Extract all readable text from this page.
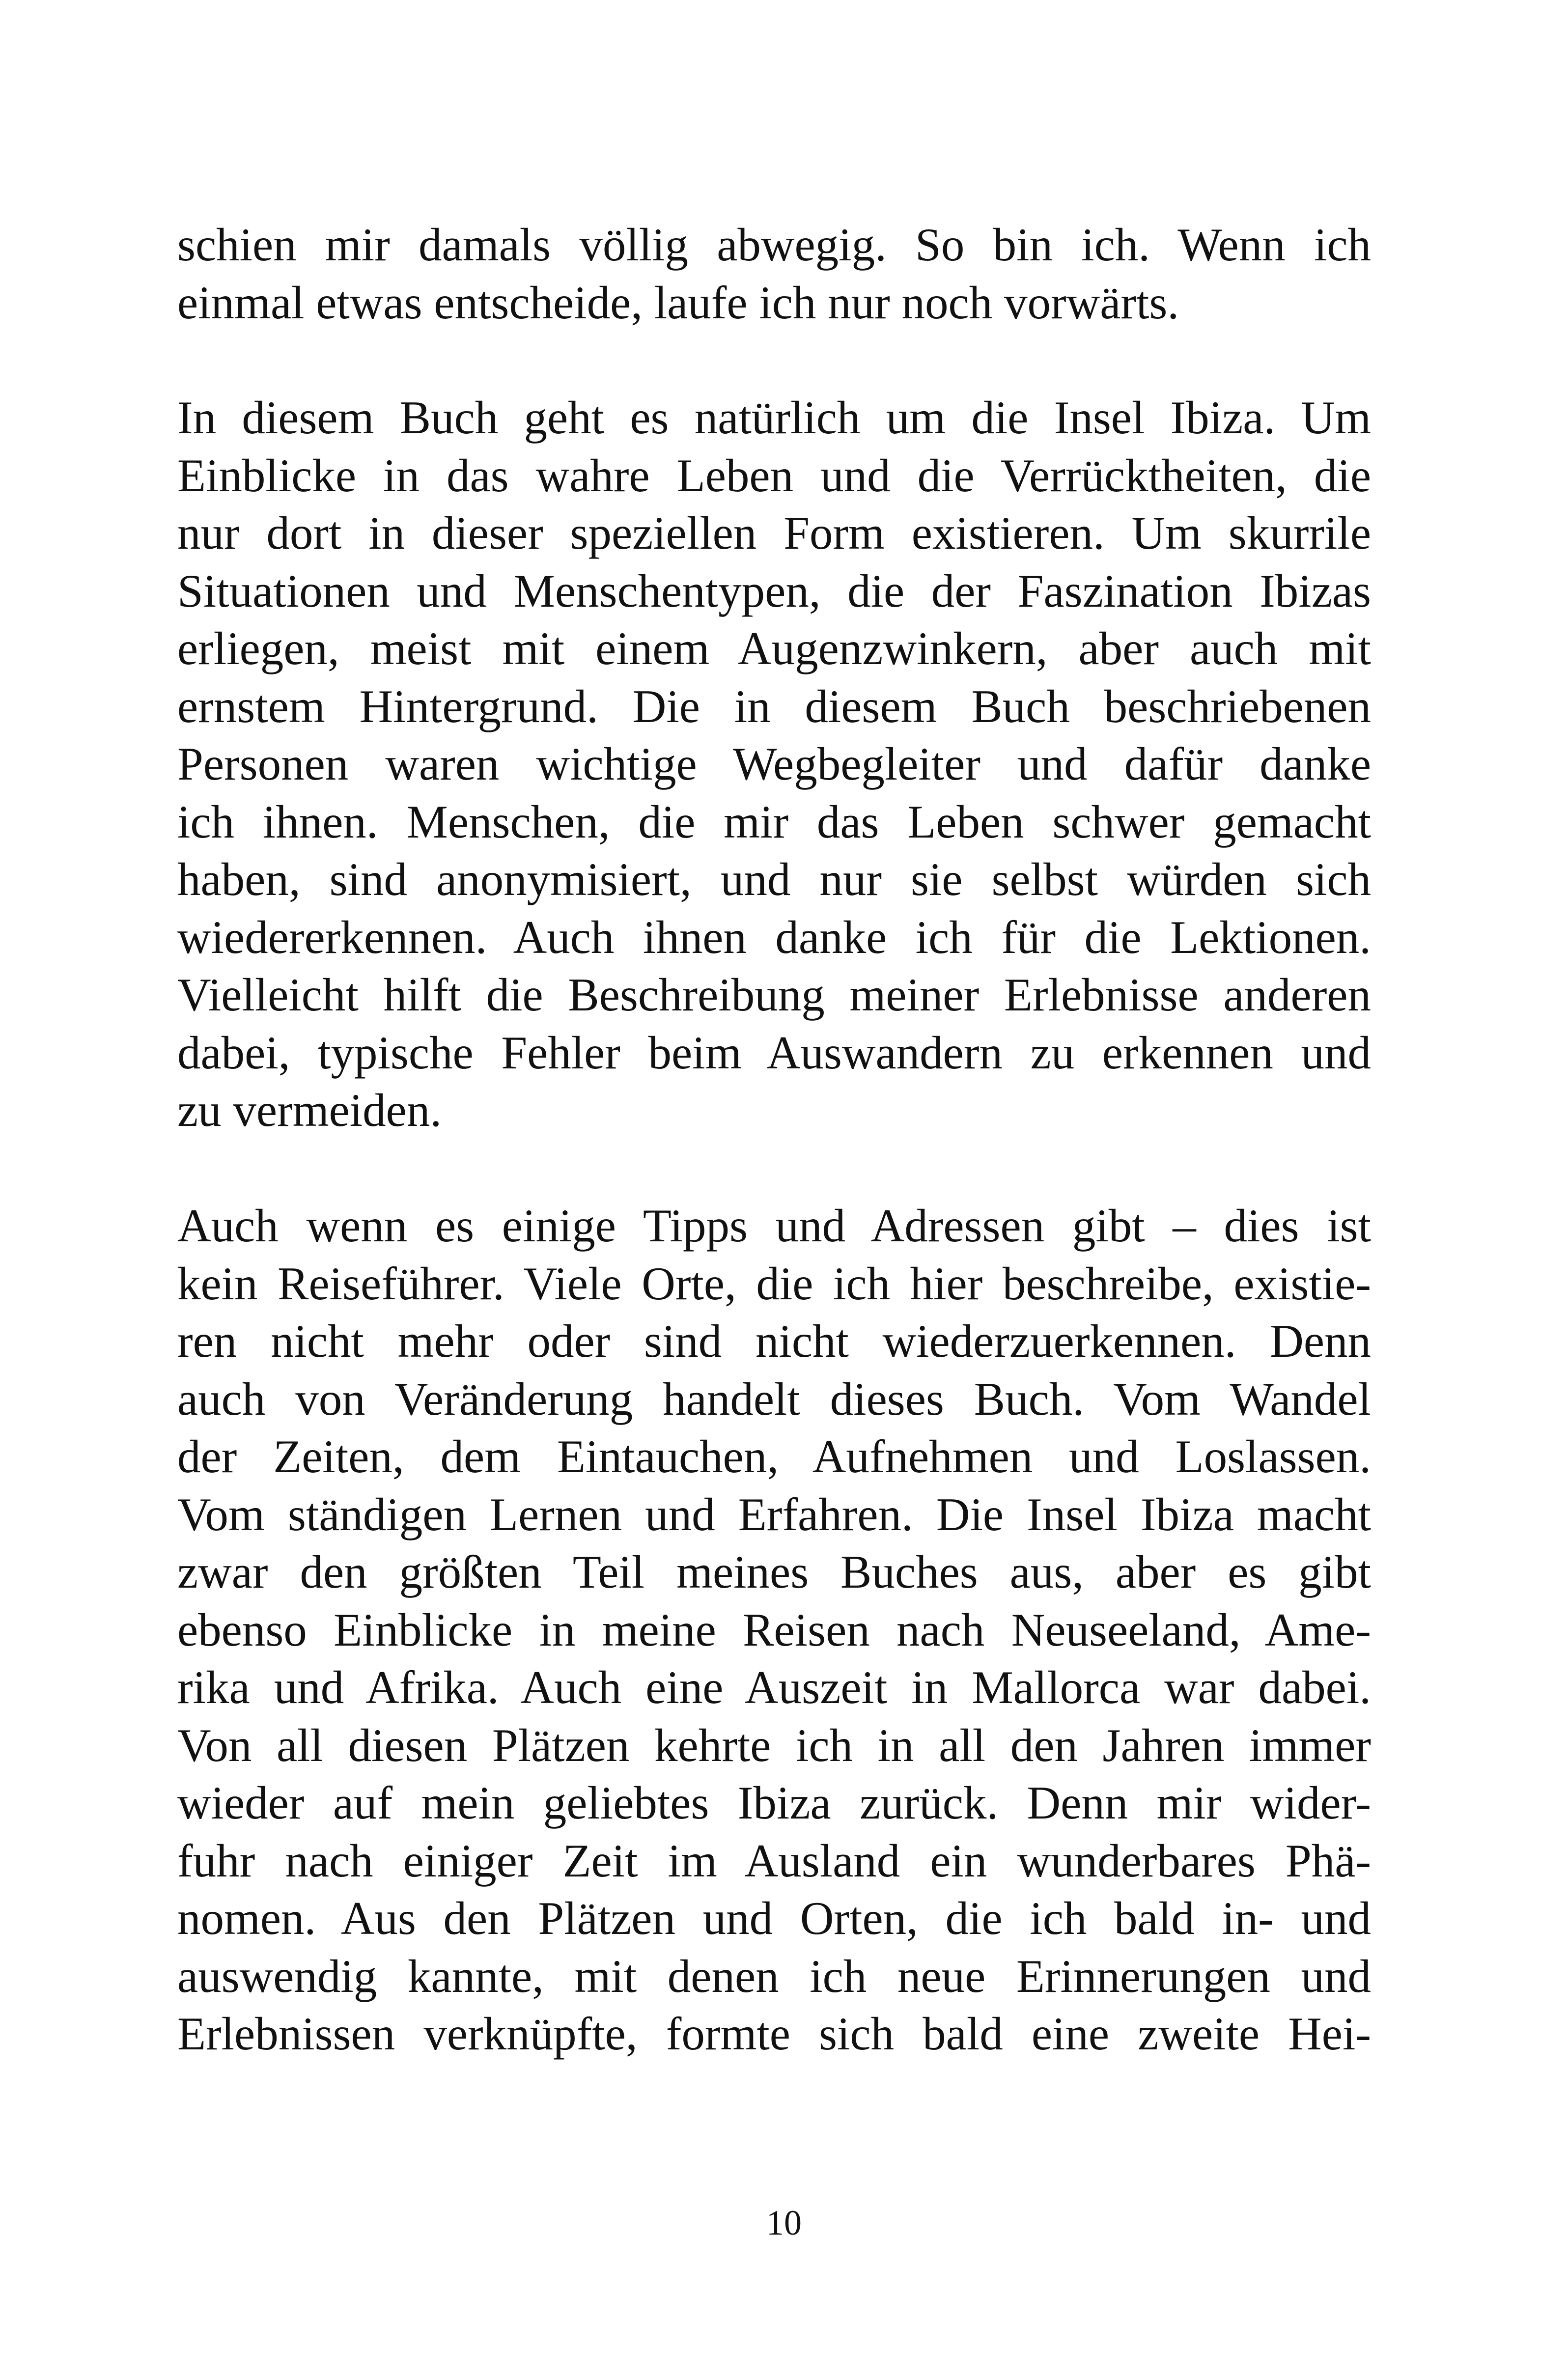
schien mir damals völlig abwegig. So bin ich. Wenn ich
einmal etwas entscheide, laufe ich nur noch vorwärts.
In diesem Buch geht es natürlich um die Insel Ibiza. Um
Einblicke in das wahre Leben und die Verrücktheiten, die
nur dort in dieser speziellen Form existieren. Um skurrile
Situationen und Menschentypen, die der Faszination Ibizas
erliegen, meist mit einem Augenzwinkern, aber auch mit
ernstem Hintergrund. Die in diesem Buch beschriebenen
Personen waren wichtige Wegbegleiter und dafür danke
ich ihnen. Menschen, die mir das Leben schwer gemacht
haben, sind anonymisiert, und nur sie selbst würden sich
wiedererkennen. Auch ihnen danke ich für die Lektionen.
Vielleicht hilft die Beschreibung meiner Erlebnisse anderen
dabei, typische Fehler beim Auswandern zu erkennen und
zu vermeiden.
Auch wenn es einige Tipps und Adressen gibt – dies ist
kein Reiseführer. Viele Orte, die ich hier beschreibe, existie-
ren nicht mehr oder sind nicht wiederzuerkennen. Denn
auch von Veränderung handelt dieses Buch. Vom Wandel
der Zeiten, dem Eintauchen, Aufnehmen und Loslassen.
Vom ständigen Lernen und Erfahren. Die Insel Ibiza macht
zwar den größten Teil meines Buches aus, aber es gibt
ebenso Einblicke in meine Reisen nach Neuseeland, Ame-
rika und Afrika. Auch eine Auszeit in Mallorca war dabei.
Von all diesen Plätzen kehrte ich in all den Jahren immer
wieder auf mein geliebtes Ibiza zurück. Denn mir wider-
fuhr nach einiger Zeit im Ausland ein wunderbares Phä-
nomen. Aus den Plätzen und Orten, die ich bald in- und
auswendig kannte, mit denen ich neue Erinnerungen und
Erlebnissen verknüpfte, formte sich bald eine zweite Hei-
10
